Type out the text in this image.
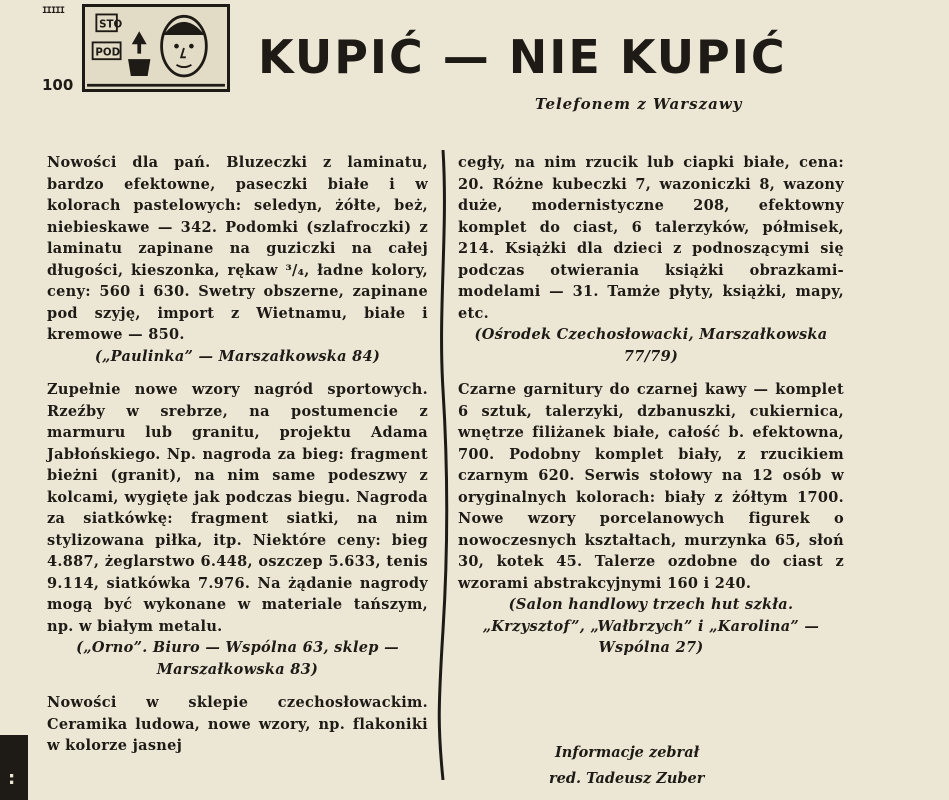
IIIII
100
STO
POD	KUPIĆ — NIE KUPIĆ
Telefonem z Warszawy

Nowości dla pań. Bluzeczki z laminatu, bardzo efektowne, paseczki białe i w kolorach pastelowych: seledyn, żółte, beż, niebieskawe — 342. Podomki (szlafroczki) z laminatu zapinane na guziczki na całej długości, kieszonka, rękaw ³/₄, ładne kolory, ceny: 560 i 630. Swetry obszerne, zapinane pod szyję, import z Wietnamu, białe i kremowe — 850.

(„Paulinka” — Marszałkowska 84)

Zupełnie nowe wzory nagród sportowych. Rzeźby w srebrze, na postumencie z marmuru lub granitu, projektu Adama Jabłońskiego. Np. nagroda za bieg: fragment bieżni (granit), na nim same podeszwy z kolcami, wygięte jak podczas biegu. Nagroda za siatkówkę: fragment siatki, na nim stylizowana piłka, itp. Niektóre ceny: bieg 4.887, żeglarstwo 6.448, oszczep 5.633, tenis 9.114, siatkówka 7.976. Na żądanie nagrody mogą być wykonane w materiale tańszym, np. w białym metalu.

(„Orno”. Biuro — Wspólna 63, sklep — Marszałkowska 83)

Nowości w sklepie czechosłowackim. Ceramika ludowa, nowe wzory, np. flakoniki w kolorze jasnej

cegły, na nim rzucik lub ciapki białe, cena: 20. Różne kubeczki 7, wazoniczki 8, wazony duże, modernistyczne 208, efektowny komplet do ciast, 6 talerzyków, półmisek, 214. Książki dla dzieci z podnoszącymi się podczas otwierania książki obrazkami-modelami — 31. Tamże płyty, książki, mapy, etc.

(Ośrodek Czechosłowacki, Marszałkowska 77/79)

Czarne garnitury do czarnej kawy — komplet 6 sztuk, talerzyki, dzbanuszki, cukiernica, wnętrze filiżanek białe, całość b. efektowna, 700. Podobny komplet biały, z rzucikiem czarnym 620. Serwis stołowy na 12 osób w oryginalnych kolorach: biały z żółtym 1700. Nowe wzory porcelanowych figurek o nowoczesnych kształtach, murzynka 65, słoń 30, kotek 45. Talerze ozdobne do ciast z wzorami abstrakcyjnymi 160 i 240.

(Salon handlowy trzech hut szkła. „Krzysztof”, „Wałbrzych” i „Karolina” — Wspólna 27)

Informacje zebrał
red. Tadeusz Zuber
:
